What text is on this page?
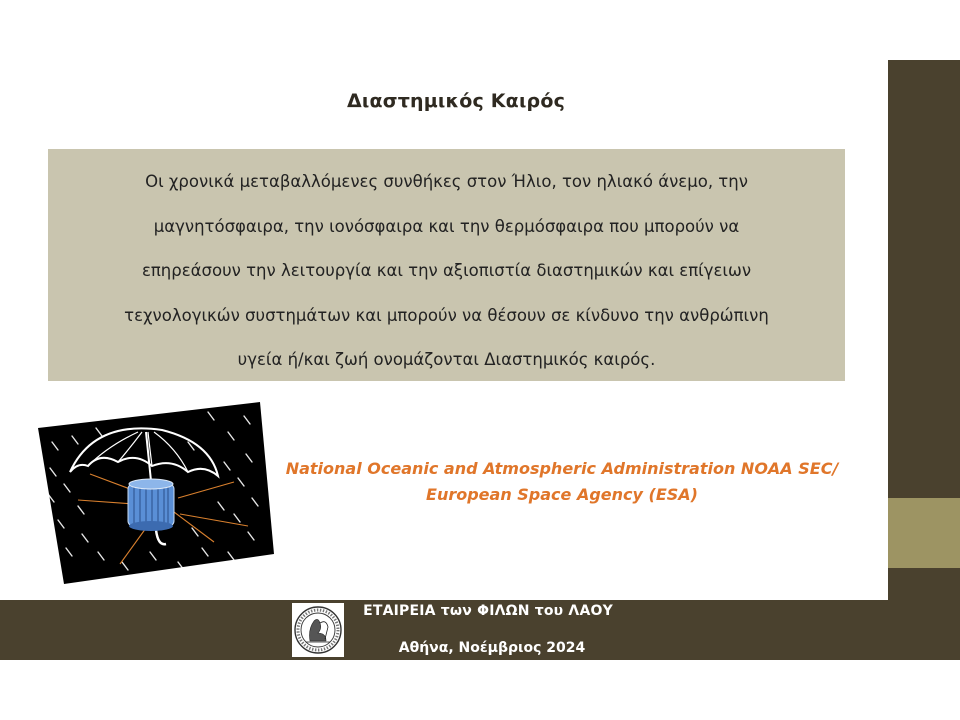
Διαστημικός Καιρός
Οι χρονικά μεταβαλλόμενες συνθήκες στον Ήλιο, τον ηλιακό άνεμο, την
μαγνητόσφαιρα, την ιονόσφαιρα και την θερμόσφαιρα που μπορούν να
επηρεάσουν την λειτουργία και την αξιοπιστία διαστημικών και επίγειων
τεχνολογικών συστημάτων και μπορούν να θέσουν σε κίνδυνο την ανθρώπινη
υγεία ή/και ζωή ονομάζονται Διαστημικός καιρός.
National Oceanic and Atmospheric Administration NOAA SEC/
European Space Agency (ESA)
ΕΤΑΙΡΕΙΑ των ΦΙΛΩΝ του ΛΑΟΥ
Αθήνα, Νοέμβριος 2024
